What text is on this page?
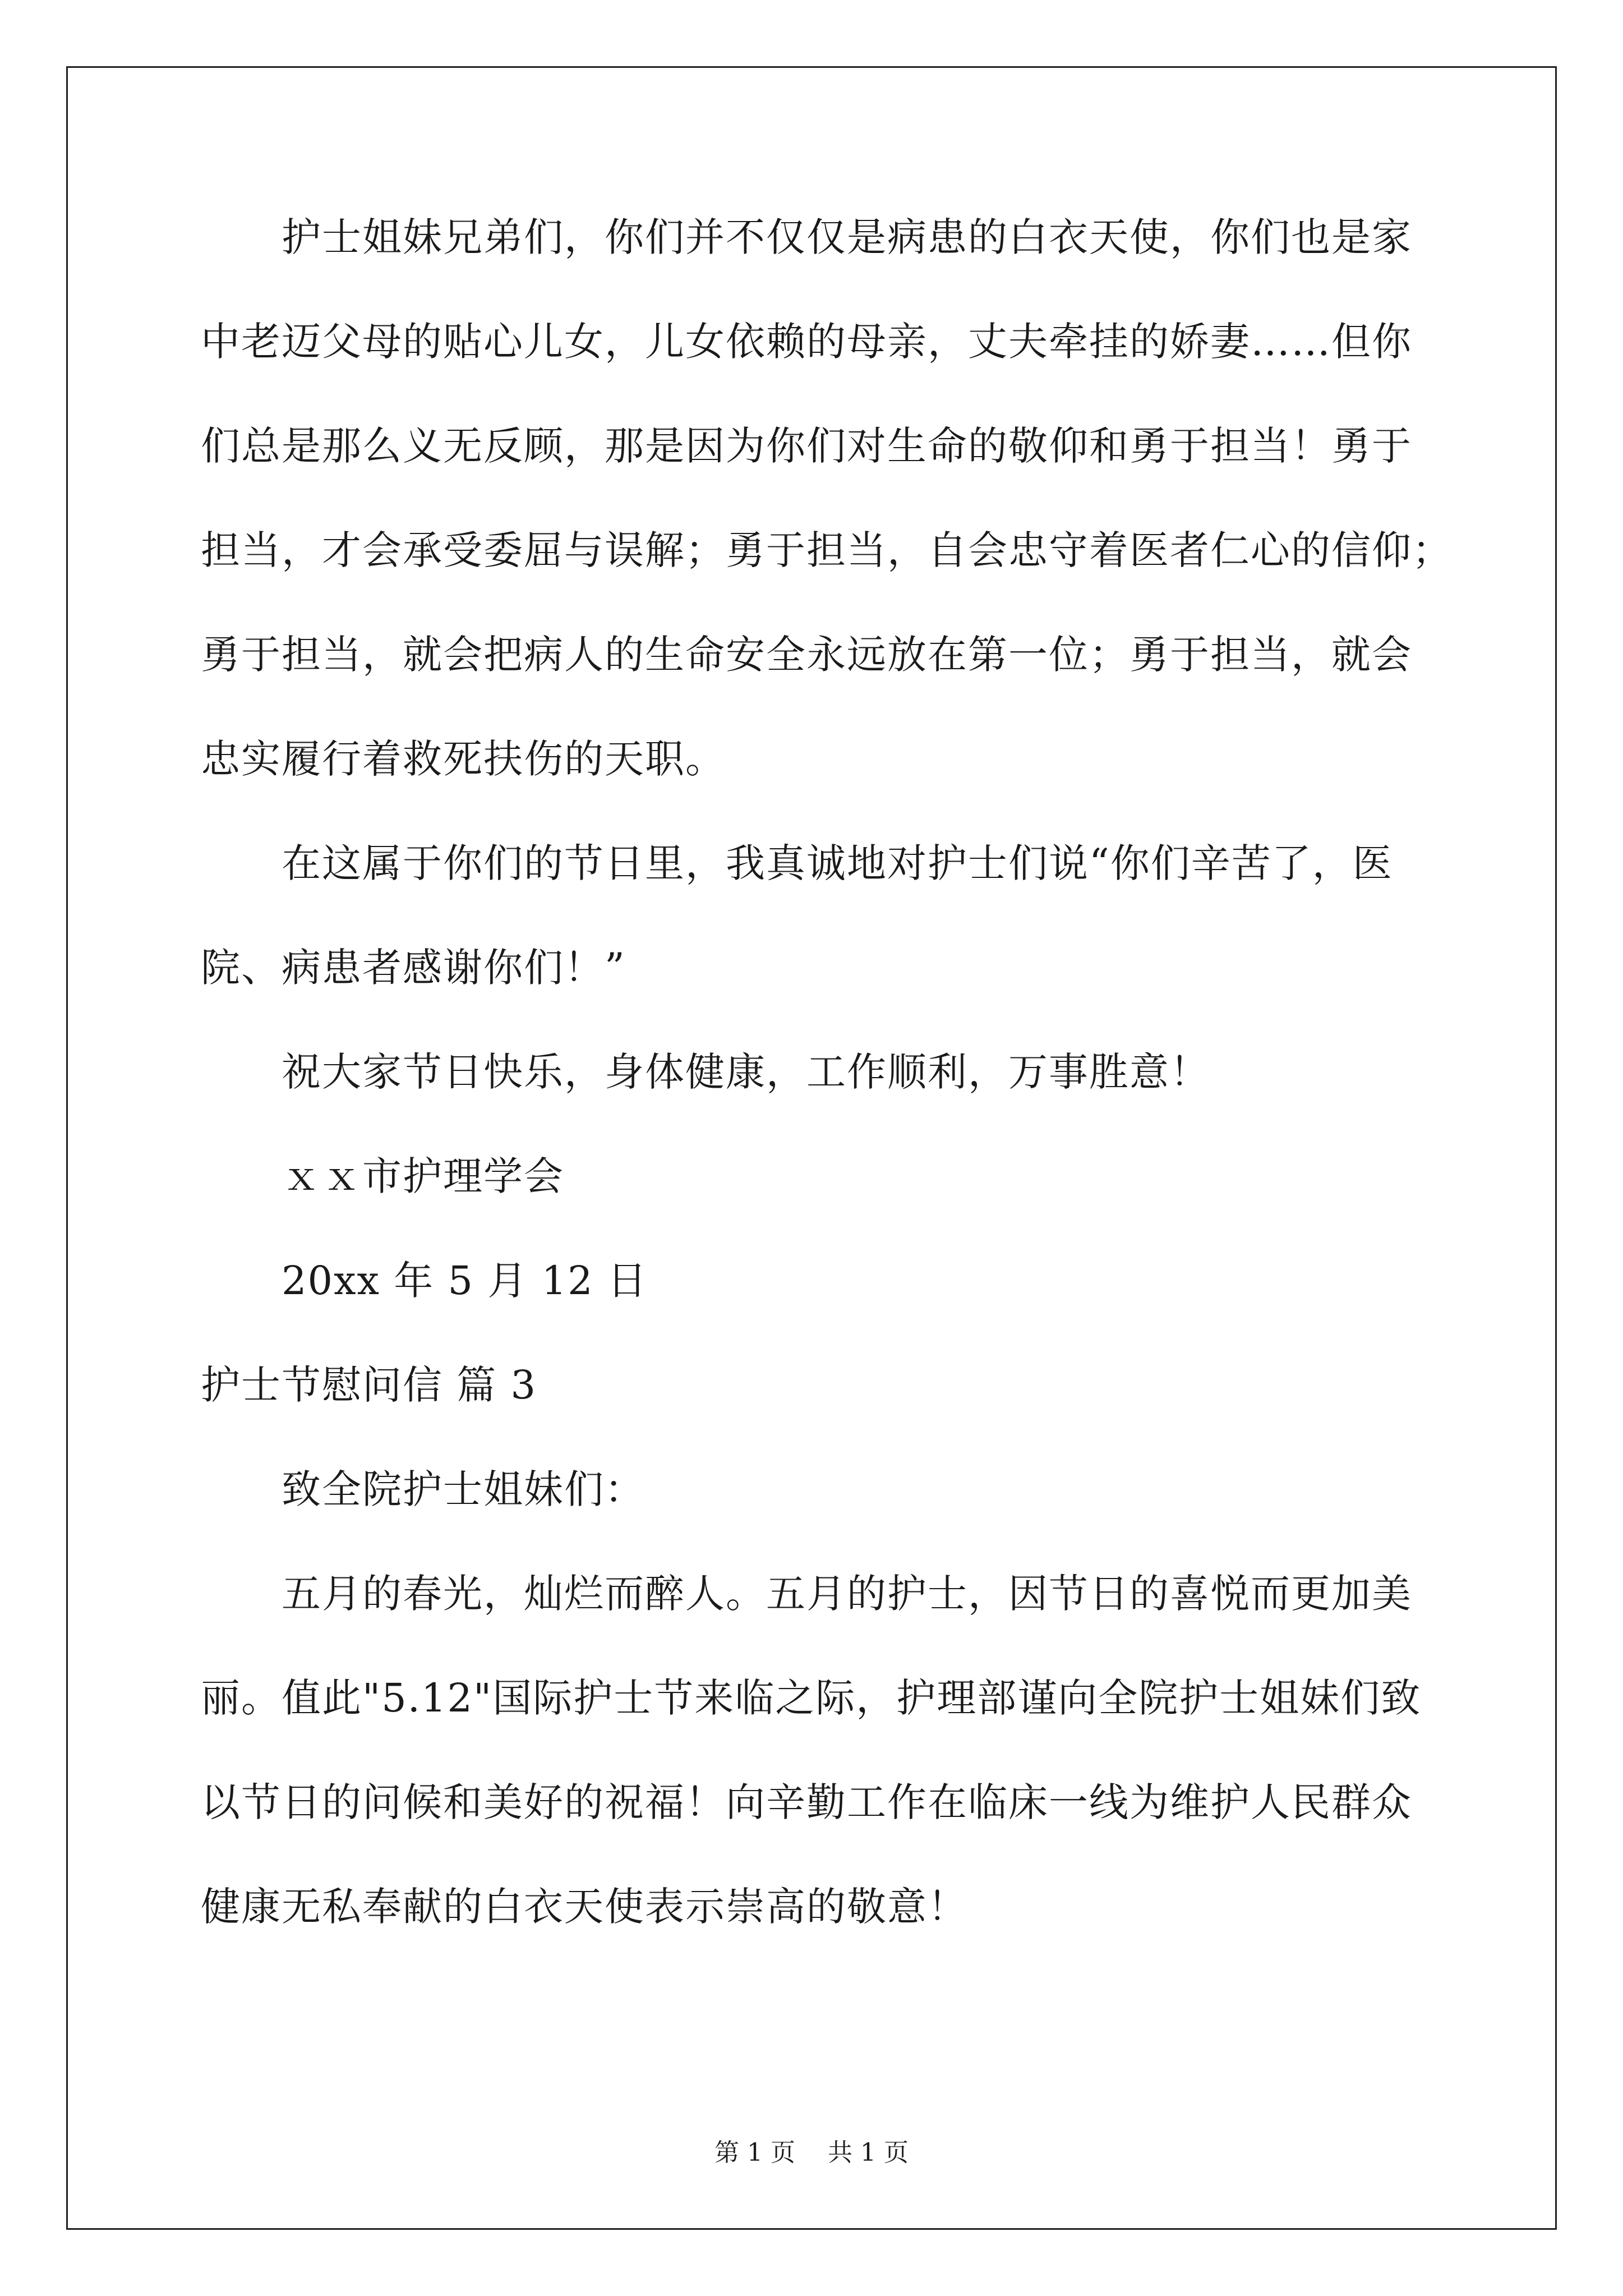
护士姐妹兄弟们，你们并不仅仅是病患的白衣天使，你们也是家
中老迈父母的贴心儿女，儿女依赖的母亲，丈夫牵挂的娇妻……但你
们总是那么义无反顾，那是因为你们对生命的敬仰和勇于担当！勇于
担当，才会承受委屈与误解；勇于担当，自会忠守着医者仁心的信仰；
勇于担当，就会把病人的生命安全永远放在第一位；勇于担当，就会
忠实履行着救死扶伤的天职。
在这属于你们的节日里，我真诚地对护士们说“你们辛苦了，医
院、病患者感谢你们！”
祝大家节日快乐，身体健康，工作顺利，万事胜意！
ｘｘ市护理学会
20xx 年 5 月 12 日
护士节慰问信 篇 3
致全院护士姐妹们：
五月的春光，灿烂而醉人。五月的护士，因节日的喜悦而更加美
丽。值此"5.12"国际护士节来临之际，护理部谨向全院护士姐妹们致
以节日的问候和美好的祝福！向辛勤工作在临床一线为维护人民群众
健康无私奉献的白衣天使表示崇高的敬意！
第 1 页 共 1 页
